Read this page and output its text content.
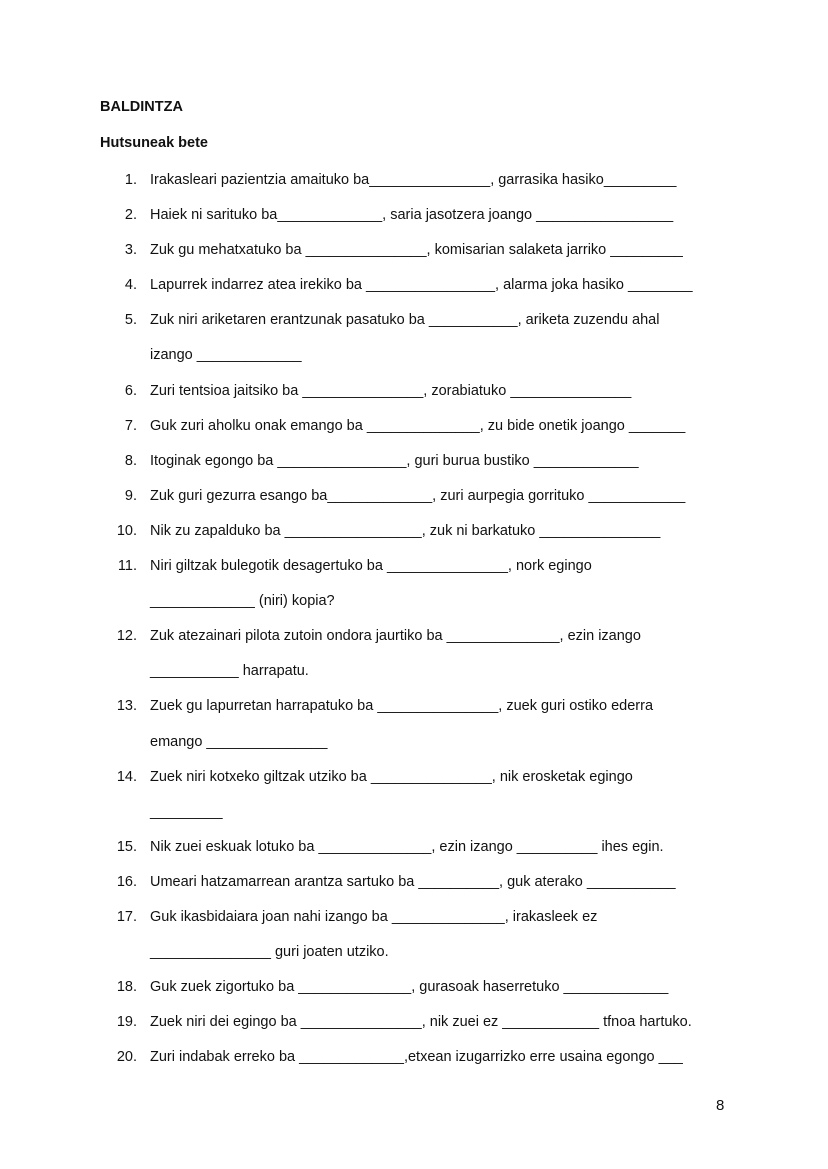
BALDINTZA
Hutsuneak bete
1. Irakasleari pazientzia amaituko ba_______________, garrasika hasiko_________
2. Haiek ni sarituko ba_____________, saria jasotzera joango _________________
3. Zuk gu mehatxatuko ba _______________, komisarian salaketa jarriko _________
4. Lapurrek indarrez atea irekiko ba ________________, alarma joka hasiko ________
5. Zuk niri ariketaren erantzunak pasatuko ba ___________, ariketa zuzendu ahal
izango _____________
6. Zuri tentsioa jaitsiko ba _______________, zorabiatuko _______________
7. Guk zuri aholku onak emango ba ______________, zu bide onetik joango _______
8. Itoginak egongo ba ________________, guri burua bustiko _____________
9. Zuk guri gezurra esango ba_____________, zuri aurpegia gorrituko ____________
10. Nik zu zapalduko ba _________________, zuk ni barkatuko _______________
11. Niri giltzak bulegotik desagertuko ba _______________, nork egingo
_____________ (niri) kopia?
12. Zuk atezainari pilota zutoin ondora jaurtiko ba ______________, ezin izango
___________ harrapatu.
13. Zuek gu lapurretan harrapatuko ba _______________, zuek guri ostiko ederra
emango _______________
14. Zuek niri kotxeko giltzak utziko ba _______________, nik erosketak egingo
_________
15. Nik zuei eskuak lotuko ba ______________, ezin izango __________ ihes egin.
16. Umeari hatzamarrean arantza sartuko ba __________, guk aterako ___________
17. Guk ikasbidaiara joan nahi izango ba ______________, irakasleek ez
_______________ guri joaten utziko.
18. Guk zuek zigortuko ba ______________, gurasoak haserretuko _____________
19. Zuek niri dei egingo ba _______________, nik zuei ez ____________ tfnoa hartuko.
20. Zuri indabak erreko ba _____________,etxean izugarrizko erre usaina egongo ___
8
